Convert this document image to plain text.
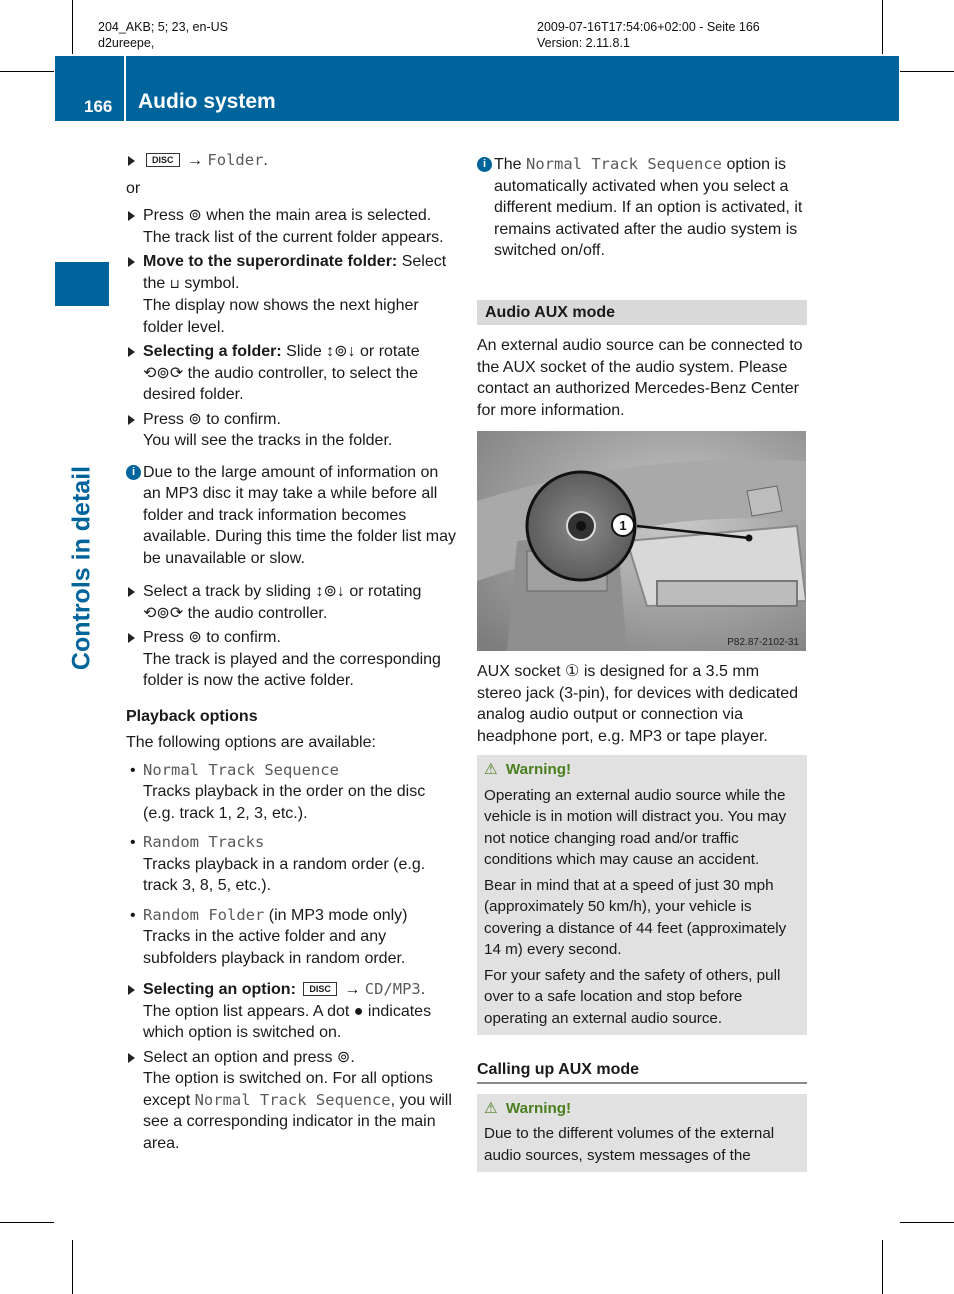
204_AKB; 5; 23, en-US
d2ureepe,
2009-07-16T17:54:06+02:00 - Seite 166
Version: 2.11.8.1
166 Audio system
Controls in detail
DISC → Folder.
or
Press ⊚ when the main area is selected.
The track list of the current folder appears.
Move to the superordinate folder: Select the ⊔ symbol.
The display now shows the next higher folder level.
Selecting a folder: Slide ↕⊚↓ or rotate ⟲⊚⟳ the audio controller, to select the desired folder.
Press ⊚ to confirm.
You will see the tracks in the folder.
i Due to the large amount of information on an MP3 disc it may take a while before all folder and track information becomes available. During this time the folder list may be unavailable or slow.
Select a track by sliding ↕⊚↓ or rotating ⟲⊚⟳ the audio controller.
Press ⊚ to confirm.
The track is played and the corresponding folder is now the active folder.
Playback options
The following options are available:
• Normal Track Sequence
Tracks playback in the order on the disc (e.g. track 1, 2, 3, etc.).
• Random Tracks
Tracks playback in a random order (e.g. track 3, 8, 5, etc.).
• Random Folder (in MP3 mode only)
Tracks in the active folder and any subfolders playback in random order.
Selecting an option: DISC → CD/MP3.
The option list appears. A dot ● indicates which option is switched on.
Select an option and press ⊚.
The option is switched on. For all options except Normal Track Sequence, you will see a corresponding indicator in the main area.
i The Normal Track Sequence option is automatically activated when you select a different medium. If an option is activated, it remains activated after the audio system is switched on/off.
Audio AUX mode
An external audio source can be connected to the AUX socket of the audio system. Please contact an authorized Mercedes-Benz Center for more information.
1
P82.87-2102-31
AUX socket ① is designed for a 3.5 mm stereo jack (3-pin), for devices with dedicated analog audio output or connection via headphone port, e.g. MP3 or tape player.
⚠ Warning!

Operating an external audio source while the vehicle is in motion will distract you. You may not notice changing road and/or traffic conditions which may cause an accident.

Bear in mind that at a speed of just 30 mph (approximately 50 km/h), your vehicle is covering a distance of 44 feet (approximately 14 m) every second.

For your safety and the safety of others, pull over to a safe location and stop before operating an external audio source.

Calling up AUX mode
⚠ Warning!

Due to the different volumes of the external audio sources, system messages of the
